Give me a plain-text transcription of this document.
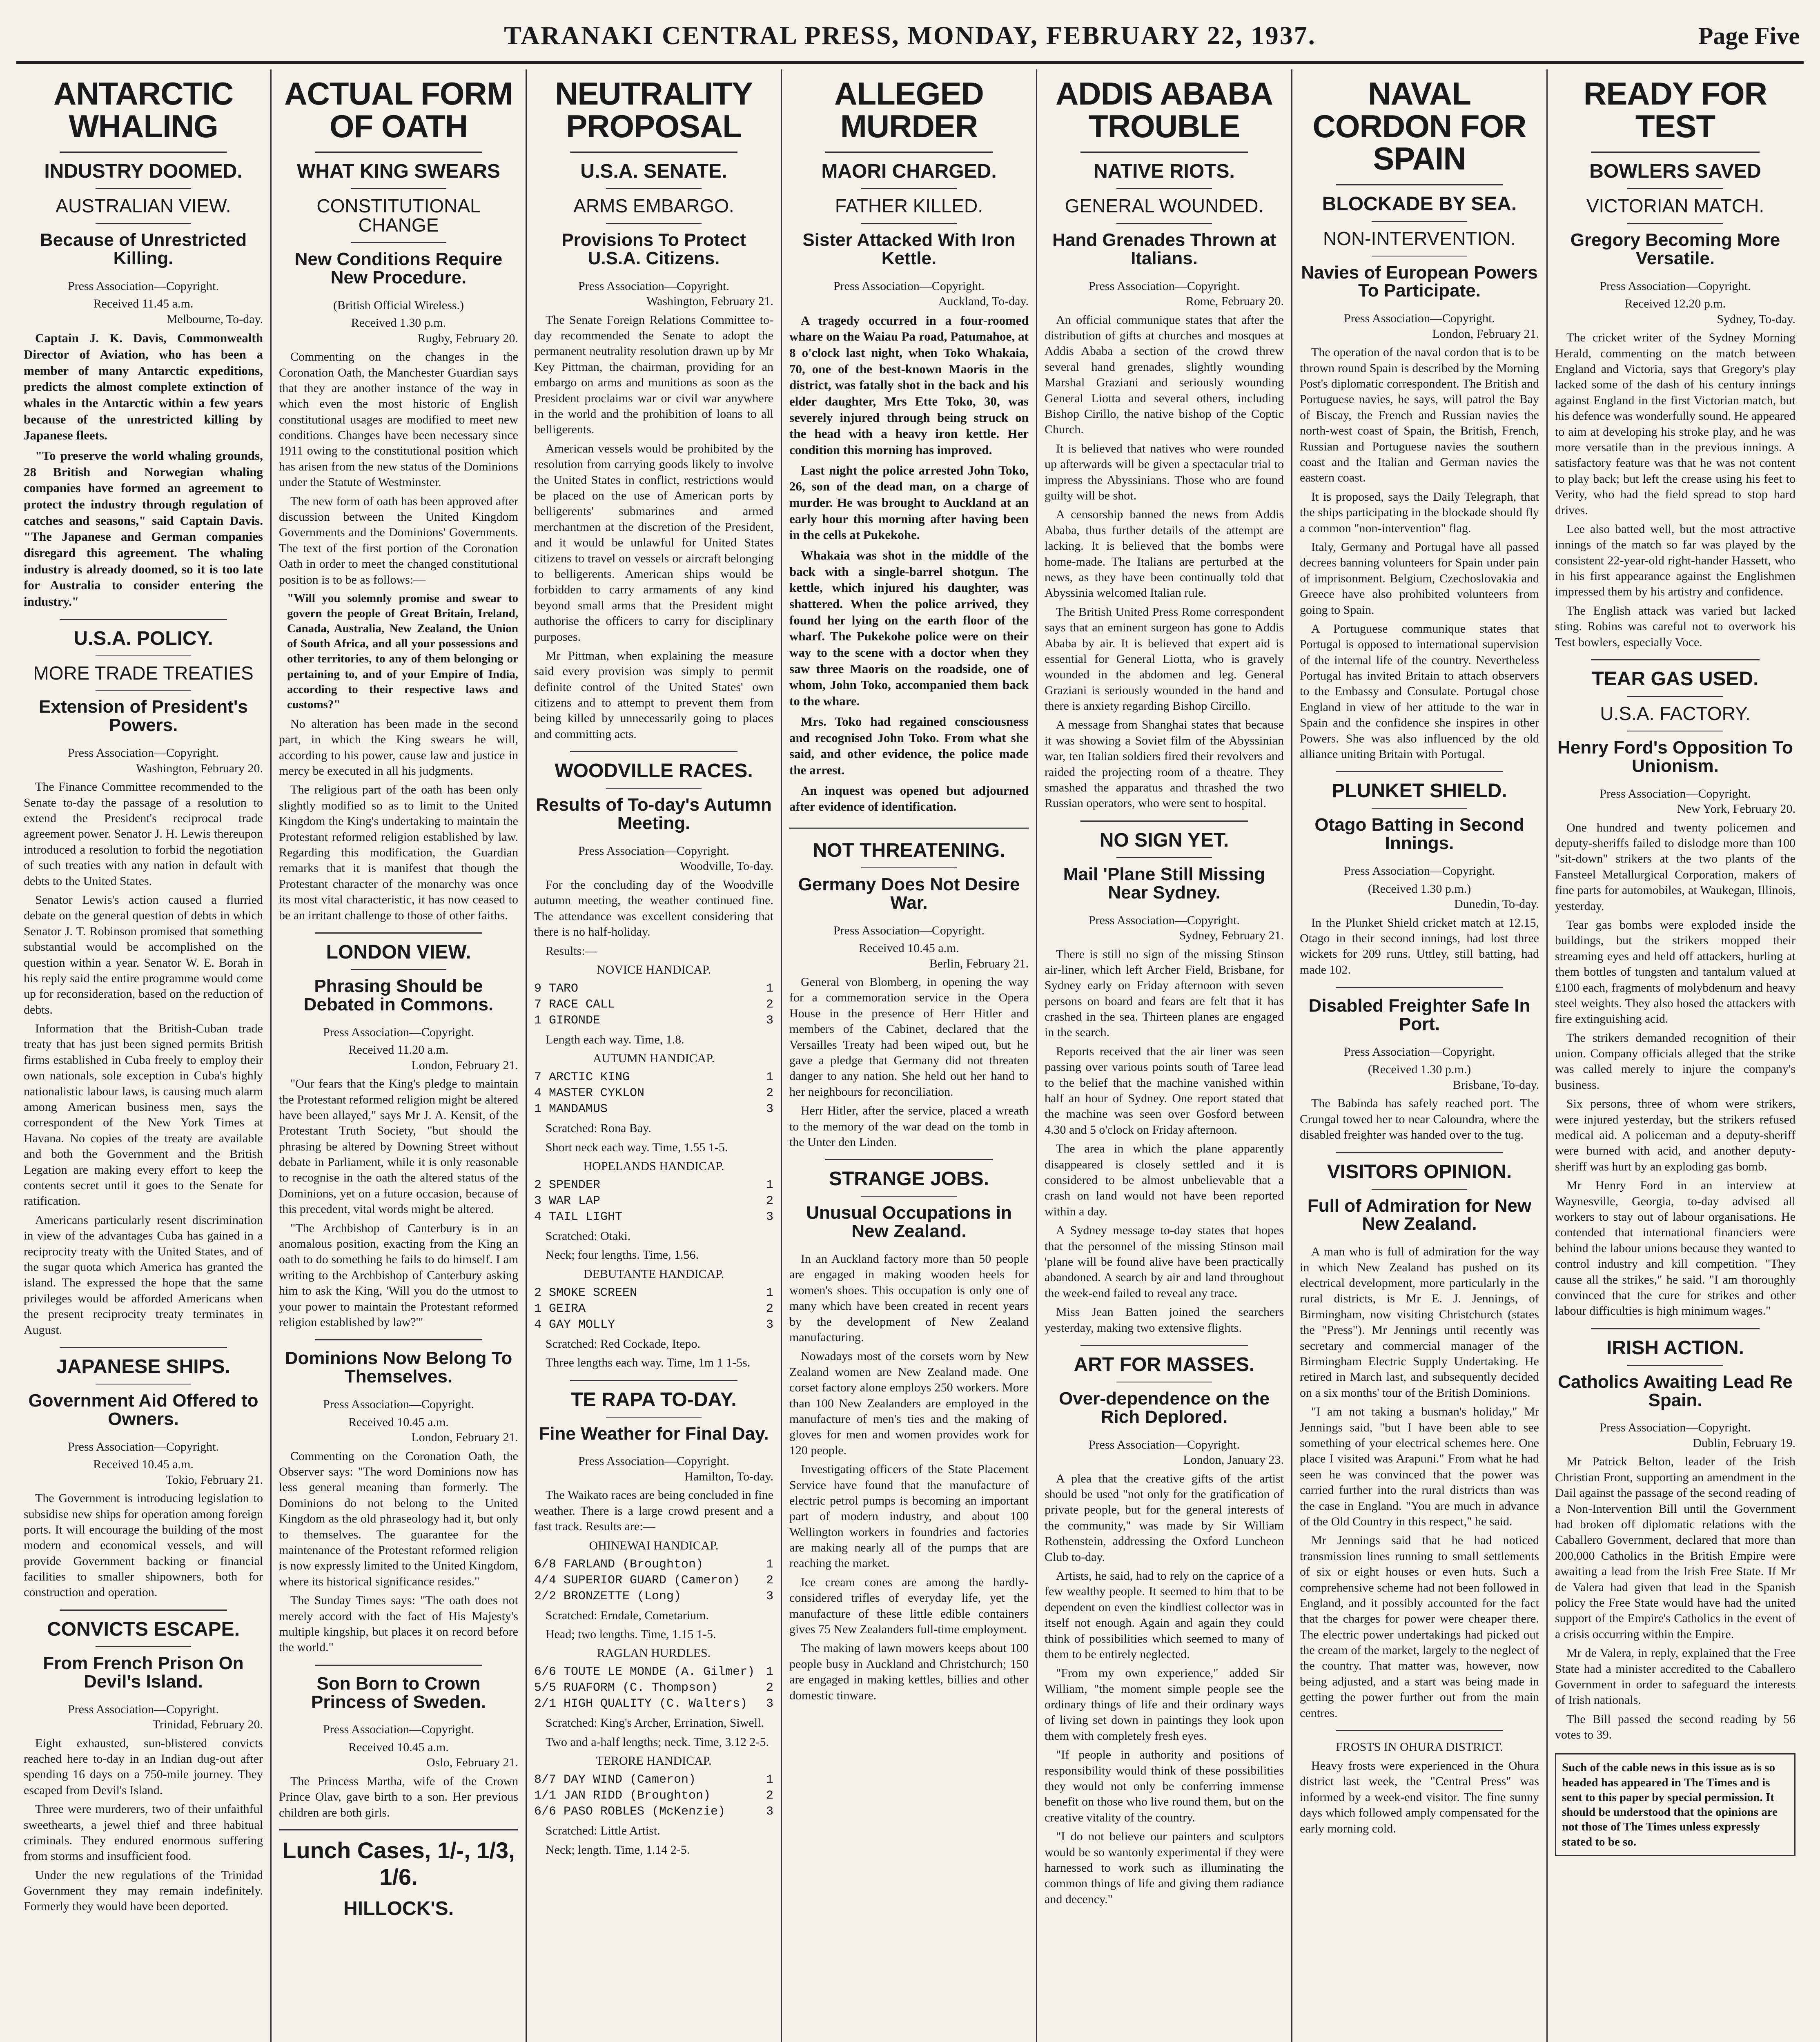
TARANAKI CENTRAL PRESS, MONDAY, FEBRUARY 22, 1937.	Page Five
ANTARCTIC WHALING
INDUSTRY DOOMED.
AUSTRALIAN VIEW.
Because of Unrestricted Killing.
Press Association—Copyright.
Received 11.45 a.m.
Melbourne, To-day.

Captain J. K. Davis, Commonwealth Director of Aviation, who has been a member of many Antarctic expeditions, predicts the almost complete extinction of whales in the Antarctic within a few years because of the unrestricted killing by Japanese fleets.

"To preserve the world whaling grounds, 28 British and Norwegian whaling companies have formed an agreement to protect the industry through regulation of catches and seasons," said Captain Davis. "The Japanese and German companies disregard this agreement. The whaling industry is already doomed, so it is too late for Australia to consider entering the industry."

U.S.A. POLICY.
MORE TRADE TREATIES
Extension of President's Powers.
Press Association—Copyright.
Washington, February 20.

The Finance Committee recommended to the Senate to-day the passage of a resolution to extend the President's reciprocal trade agreement power. Senator J. H. Lewis thereupon introduced a resolution to forbid the negotiation of such treaties with any nation in default with debts to the United States.

Senator Lewis's action caused a flurried debate on the general question of debts in which Senator J. T. Robinson promised that something substantial would be accomplished on the question within a year. Senator W. E. Borah in his reply said the entire programme would come up for reconsideration, based on the reduction of debts.

Information that the British-Cuban trade treaty that has just been signed permits British firms established in Cuba freely to employ their own nationals, sole exception in Cuba's highly nationalistic labour laws, is causing much alarm among American business men, says the correspondent of the New York Times at Havana. No copies of the treaty are available and both the Government and the British Legation are making every effort to keep the contents secret until it goes to the Senate for ratification.

Americans particularly resent discrimination in view of the advantages Cuba has gained in a reciprocity treaty with the United States, and of the sugar quota which America has granted the island. The expressed the hope that the same privileges would be afforded Americans when the present reciprocity treaty terminates in August.

JAPANESE SHIPS.
Government Aid Offered to Owners.
Press Association—Copyright.
Received 10.45 a.m.
Tokio, February 21.

The Government is introducing legislation to subsidise new ships for operation among foreign ports. It will encourage the building of the most modern and economical vessels, and will provide Government backing or financial facilities to smaller shipowners, both for construction and operation.

CONVICTS ESCAPE.
From French Prison On Devil's Island.
Press Association—Copyright.
Trinidad, February 20.

Eight exhausted, sun-blistered convicts reached here to-day in an Indian dug-out after spending 16 days on a 750-mile journey. They escaped from Devil's Island.

Three were murderers, two of their unfaithful sweethearts, a jewel thief and three habitual criminals. They endured enormous suffering from storms and insufficient food.

Under the new regulations of the Trinidad Government they may remain indefinitely. Formerly they would have been deported.

ACTUAL FORM OF OATH
WHAT KING SWEARS
CONSTITUTIONAL CHANGE
New Conditions Require New Procedure.
(British Official Wireless.)
Received 1.30 p.m.
Rugby, February 20.

Commenting on the changes in the Coronation Oath, the Manchester Guardian says that they are another instance of the way in which even the most historic of English constitutional usages are modified to meet new conditions. Changes have been necessary since 1911 owing to the constitutional position which has arisen from the new status of the Dominions under the Statute of Westminster.

The new form of oath has been approved after discussion between the United Kingdom Governments and the Dominions' Governments. The text of the first portion of the Coronation Oath in order to meet the changed constitutional position is to be as follows:—

"Will you solemnly promise and swear to govern the people of Great Britain, Ireland, Canada, Australia, New Zealand, the Union of South Africa, and all your possessions and other territories, to any of them belonging or pertaining to, and of your Empire of India, according to their respective laws and customs?"

No alteration has been made in the second part, in which the King swears he will, according to his power, cause law and justice in mercy be executed in all his judgments.

The religious part of the oath has been only slightly modified so as to limit to the United Kingdom the King's undertaking to maintain the Protestant reformed religion established by law. Regarding this modification, the Guardian remarks that it is manifest that though the Protestant character of the monarchy was once its most vital characteristic, it has now ceased to be an irritant challenge to those of other faiths.

LONDON VIEW.
Phrasing Should be Debated in Commons.
Press Association—Copyright.
Received 11.20 a.m.
London, February 21.

"Our fears that the King's pledge to maintain the Protestant reformed religion might be altered have been allayed," says Mr J. A. Kensit, of the Protestant Truth Society, "but should the phrasing be altered by Downing Street without debate in Parliament, while it is only reasonable to recognise in the oath the altered status of the Dominions, yet on a future occasion, because of this precedent, vital words might be altered.

"The Archbishop of Canterbury is in an anomalous position, exacting from the King an oath to do something he fails to do himself. I am writing to the Archbishop of Canterbury asking him to ask the King, 'Will you do the utmost to your power to maintain the Protestant reformed religion established by law?'"

Dominions Now Belong To Themselves.
Press Association—Copyright.
Received 10.45 a.m.
London, February 21.

Commenting on the Coronation Oath, the Observer says: "The word Dominions now has less general meaning than formerly. The Dominions do not belong to the United Kingdom as the old phraseology had it, but only to themselves. The guarantee for the maintenance of the Protestant reformed religion is now expressly limited to the United Kingdom, where its historical significance resides."

The Sunday Times says: "The oath does not merely accord with the fact of His Majesty's multiple kingship, but places it on record before the world."

Son Born to Crown Princess of Sweden.
Press Association—Copyright.
Received 10.45 a.m.
Oslo, February 21.

The Princess Martha, wife of the Crown Prince Olav, gave birth to a son. Her previous children are both girls.

Lunch Cases, 1/-, 1/3, 1/6.
HILLOCK'S.
NEUTRALITY PROPOSAL
U.S.A. SENATE.
ARMS EMBARGO.
Provisions To Protect U.S.A. Citizens.
Press Association—Copyright.
Washington, February 21.

The Senate Foreign Relations Committee to-day recommended the Senate to adopt the permanent neutrality resolution drawn up by Mr Key Pittman, the chairman, providing for an embargo on arms and munitions as soon as the President proclaims war or civil war anywhere in the world and the prohibition of loans to all belligerents.

American vessels would be prohibited by the resolution from carrying goods likely to involve the United States in conflict, restrictions would be placed on the use of American ports by belligerents' submarines and armed merchantmen at the discretion of the President, and it would be unlawful for United States citizens to travel on vessels or aircraft belonging to belligerents. American ships would be forbidden to carry armaments of any kind beyond small arms that the President might authorise the officers to carry for disciplinary purposes.

Mr Pittman, when explaining the measure said every provision was simply to permit definite control of the United States' own citizens and to attempt to prevent them from being killed by unnecessarily going to places and committing acts.

WOODVILLE RACES.
Results of To-day's Autumn Meeting.
Press Association—Copyright.
Woodville, To-day.

For the concluding day of the Woodville autumn meeting, the weather continued fine. The attendance was excellent considering that there is no half-holiday.

Results:—

NOVICE HANDICAP.
9 TARO	1
7 RACE CALL	2
1 GIRONDE	3

Length each way. Time, 1.8.

AUTUMN HANDICAP.
7 ARCTIC KING	1
4 MASTER CYKLON	2
1 MANDAMUS	3

Scratched: Rona Bay.

Short neck each way. Time, 1.55 1-5.

HOPELANDS HANDICAP.
2 SPENDER	1
3 WAR LAP	2
4 TAIL LIGHT	3

Scratched: Otaki.

Neck; four lengths. Time, 1.56.

DEBUTANTE HANDICAP.
2 SMOKE SCREEN	1
1 GEIRA	2
4 GAY MOLLY	3

Scratched: Red Cockade, Itepo.

Three lengths each way. Time, 1m 1 1-5s.

TE RAPA TO-DAY.
Fine Weather for Final Day.
Press Association—Copyright.
Hamilton, To-day.

The Waikato races are being concluded in fine weather. There is a large crowd present and a fast track. Results are:—

OHINEWAI HANDICAP.
6/8 FARLAND (Broughton)	1
4/4 SUPERIOR GUARD (Cameron) 2
2/2 BRONZETTE (Long)	3

Scratched: Erndale, Cometarium.

Head; two lengths. Time, 1.15 1-5.

RAGLAN HURDLES.
6/6 TOUTE LE MONDE (A. Gilmer) 1
5/5 RUAFORM (C. Thompson)	2
2/1 HIGH QUALITY (C. Walters) 3

Scratched: King's Archer, Errination, Siwell.

Two and a-half lengths; neck. Time, 3.12 2-5.

TERORE HANDICAP.
8/7 DAY WIND (Cameron)	1
1/1 JAN RIDD (Broughton)	2
6/6 PASO ROBLES (McKenzie)	3

Scratched: Little Artist.

Neck; length. Time, 1.14 2-5.

ALLEGED MURDER
MAORI CHARGED.
FATHER KILLED.
Sister Attacked With Iron Kettle.
Press Association—Copyright.
Auckland, To-day.

A tragedy occurred in a four-roomed whare on the Waiau Pa road, Patumahoe, at 8 o'clock last night, when Toko Whakaia, 70, one of the best-known Maoris in the district, was fatally shot in the back and his elder daughter, Mrs Ette Toko, 30, was severely injured through being struck on the head with a heavy iron kettle. Her condition this morning has improved.

Last night the police arrested John Toko, 26, son of the dead man, on a charge of murder. He was brought to Auckland at an early hour this morning after having been in the cells at Pukekohe.

Whakaia was shot in the middle of the back with a single-barrel shotgun. The kettle, which injured his daughter, was shattered. When the police arrived, they found her lying on the earth floor of the wharf. The Pukekohe police were on their way to the scene with a doctor when they saw three Maoris on the roadside, one of whom, John Toko, accompanied them back to the whare.

Mrs. Toko had regained consciousness and recognised John Toko. From what she said, and other evidence, the police made the arrest.

An inquest was opened but adjourned after evidence of identification.

NOT THREATENING.
Germany Does Not Desire War.
Press Association—Copyright.
Received 10.45 a.m.
Berlin, February 21.

General von Blomberg, in opening the way for a commemoration service in the Opera House in the presence of Herr Hitler and members of the Cabinet, declared that the Versailles Treaty had been wiped out, but he gave a pledge that Germany did not threaten danger to any nation. She held out her hand to her neighbours for reconciliation.

Herr Hitler, after the service, placed a wreath to the memory of the war dead on the tomb in the Unter den Linden.

STRANGE JOBS.
Unusual Occupations in New Zealand.

In an Auckland factory more than 50 people are engaged in making wooden heels for women's shoes. This occupation is only one of many which have been created in recent years by the development of New Zealand manufacturing.

Nowadays most of the corsets worn by New Zealand women are New Zealand made. One corset factory alone employs 250 workers. More than 100 New Zealanders are employed in the manufacture of men's ties and the making of gloves for men and women provides work for 120 people.

Investigating officers of the State Placement Service have found that the manufacture of electric petrol pumps is becoming an important part of modern industry, and about 100 Wellington workers in foundries and factories are making nearly all of the pumps that are reaching the market.

Ice cream cones are among the hardly-considered trifles of everyday life, yet the manufacture of these little edible containers gives 75 New Zealanders full-time employment.

The making of lawn mowers keeps about 100 people busy in Auckland and Christchurch; 150 are engaged in making kettles, billies and other domestic tinware.

ADDIS ABABA TROUBLE
NATIVE RIOTS.
GENERAL WOUNDED.
Hand Grenades Thrown at Italians.
Press Association—Copyright.
Rome, February 20.

An official communique states that after the distribution of gifts at churches and mosques at Addis Ababa a section of the crowd threw several hand grenades, slightly wounding Marshal Graziani and seriously wounding General Liotta and several others, including Bishop Cirillo, the native bishop of the Coptic Church.

It is believed that natives who were rounded up afterwards will be given a spectacular trial to impress the Abyssinians. Those who are found guilty will be shot.

A censorship banned the news from Addis Ababa, thus further details of the attempt are lacking. It is believed that the bombs were home-made. The Italians are perturbed at the news, as they have been continually told that Abyssinia welcomed Italian rule.

The British United Press Rome correspondent says that an eminent surgeon has gone to Addis Ababa by air. It is believed that expert aid is essential for General Liotta, who is gravely wounded in the abdomen and leg. General Graziani is seriously wounded in the hand and there is anxiety regarding Bishop Circillo.

A message from Shanghai states that because it was showing a Soviet film of the Abyssinian war, ten Italian soldiers fired their revolvers and raided the projecting room of a theatre. They smashed the apparatus and thrashed the two Russian operators, who were sent to hospital.

NO SIGN YET.
Mail 'Plane Still Missing Near Sydney.
Press Association—Copyright.
Sydney, February 21.

There is still no sign of the missing Stinson air-liner, which left Archer Field, Brisbane, for Sydney early on Friday afternoon with seven persons on board and fears are felt that it has crashed in the sea. Thirteen planes are engaged in the search.

Reports received that the air liner was seen passing over various points south of Taree lead to the belief that the machine vanished within half an hour of Sydney. One report stated that the machine was seen over Gosford between 4.30 and 5 o'clock on Friday afternoon.

The area in which the plane apparently disappeared is closely settled and it is considered to be almost unbelievable that a crash on land would not have been reported within a day.

A Sydney message to-day states that hopes that the personnel of the missing Stinson mail 'plane will be found alive have been practically abandoned. A search by air and land throughout the week-end failed to reveal any trace.

Miss Jean Batten joined the searchers yesterday, making two extensive flights.

ART FOR MASSES.
Over-dependence on the Rich Deplored.
Press Association—Copyright.
London, January 23.

A plea that the creative gifts of the artist should be used "not only for the gratification of private people, but for the general interests of the community," was made by Sir William Rothenstein, addressing the Oxford Luncheon Club to-day.

Artists, he said, had to rely on the caprice of a few wealthy people. It seemed to him that to be dependent on even the kindliest collector was in itself not enough. Again and again they could think of possibilities which seemed to many of them to be entirely neglected.

"From my own experience," added Sir William, "the moment simple people see the ordinary things of life and their ordinary ways of living set down in paintings they look upon them with completely fresh eyes.

"If people in authority and positions of responsibility would think of these possibilities they would not only be conferring immense benefit on those who live round them, but on the creative vitality of the country.

"I do not believe our painters and sculptors would be so wantonly experimental if they were harnessed to work such as illuminating the common things of life and giving them radiance and decency."

NAVAL CORDON FOR SPAIN
BLOCKADE BY SEA.
NON-INTERVENTION.
Navies of European Powers To Participate.
Press Association—Copyright.
London, February 21.

The operation of the naval cordon that is to be thrown round Spain is described by the Morning Post's diplomatic correspondent. The British and Portuguese navies, he says, will patrol the Bay of Biscay, the French and Russian navies the north-west coast of Spain, the British, French, Russian and Portuguese navies the southern coast and the Italian and German navies the eastern coast.

It is proposed, says the Daily Telegraph, that the ships participating in the blockade should fly a common "non-intervention" flag.

Italy, Germany and Portugal have all passed decrees banning volunteers for Spain under pain of imprisonment. Belgium, Czechoslovakia and Greece have also prohibited volunteers from going to Spain.

A Portuguese communique states that Portugal is opposed to international supervision of the internal life of the country. Nevertheless Portugal has invited Britain to attach observers to the Embassy and Consulate. Portugal chose England in view of her attitude to the war in Spain and the confidence she inspires in other Powers. She was also influenced by the old alliance uniting Britain with Portugal.

PLUNKET SHIELD.
Otago Batting in Second Innings.
Press Association—Copyright.
(Received 1.30 p.m.)
Dunedin, To-day.

In the Plunket Shield cricket match at 12.15, Otago in their second innings, had lost three wickets for 209 runs. Uttley, still batting, had made 102.

Disabled Freighter Safe In Port.
Press Association—Copyright.
(Received 1.30 p.m.)
Brisbane, To-day.

The Babinda has safely reached port. The Crungal towed her to near Caloundra, where the disabled freighter was handed over to the tug.

VISITORS OPINION.
Full of Admiration for New New Zealand.

A man who is full of admiration for the way in which New Zealand has pushed on its electrical development, more particularly in the rural districts, is Mr E. J. Jennings, of Birmingham, now visiting Christchurch (states the "Press"). Mr Jennings until recently was secretary and commercial manager of the Birmingham Electric Supply Undertaking. He retired in March last, and subsequently decided on a six months' tour of the British Dominions.

"I am not taking a busman's holiday," Mr Jennings said, "but I have been able to see something of your electrical schemes here. One place I visited was Arapuni." From what he had seen he was convinced that the power was carried further into the rural districts than was the case in England. "You are much in advance of the Old Country in this respect," he said.

Mr Jennings said that he had noticed transmission lines running to small settlements of six or eight houses or even huts. Such a comprehensive scheme had not been followed in England, and it possibly accounted for the fact that the charges for power were cheaper there. The electric power undertakings had picked out the cream of the market, largely to the neglect of the country. That matter was, however, now being adjusted, and a start was being made in getting the power further out from the main centres.

FROSTS IN OHURA DISTRICT.

Heavy frosts were experienced in the Ohura district last week, the "Central Press" was informed by a week-end visitor. The fine sunny days which followed amply compensated for the early morning cold.

READY FOR TEST
BOWLERS SAVED
VICTORIAN MATCH.
Gregory Becoming More Versatile.
Press Association—Copyright.
Received 12.20 p.m.
Sydney, To-day.

The cricket writer of the Sydney Morning Herald, commenting on the match between England and Victoria, says that Gregory's play lacked some of the dash of his century innings against England in the first Victorian match, but his defence was wonderfully sound. He appeared to aim at developing his stroke play, and he was more versatile than in the previous innings. A satisfactory feature was that he was not content to play back; but left the crease using his feet to Verity, who had the field spread to stop hard drives.

Lee also batted well, but the most attractive innings of the match so far was played by the consistent 22-year-old right-hander Hassett, who in his first appearance against the Englishmen impressed them by his artistry and confidence.

The English attack was varied but lacked sting. Robins was careful not to overwork his Test bowlers, especially Voce.

TEAR GAS USED.
U.S.A. FACTORY.
Henry Ford's Opposition To Unionism.
Press Association—Copyright.
New York, February 20.

One hundred and twenty policemen and deputy-sheriffs failed to dislodge more than 100 "sit-down" strikers at the two plants of the Fansteel Metallurgical Corporation, makers of fine parts for automobiles, at Waukegan, Illinois, yesterday.

Tear gas bombs were exploded inside the buildings, but the strikers mopped their streaming eyes and held off attackers, hurling at them bottles of tungsten and tantalum valued at £100 each, fragments of molybdenum and heavy steel weights. They also hosed the attackers with fire extinguishing acid.

The strikers demanded recognition of their union. Company officials alleged that the strike was called merely to injure the company's business.

Six persons, three of whom were strikers, were injured yesterday, but the strikers refused medical aid. A policeman and a deputy-sheriff were burned with acid, and another deputy-sheriff was hurt by an exploding gas bomb.

Mr Henry Ford in an interview at Waynesville, Georgia, to-day advised all workers to stay out of labour organisations. He contended that international financiers were behind the labour unions because they wanted to control industry and kill competition. "They cause all the strikes," he said. "I am thoroughly convinced that the cure for strikes and other labour difficulties is high minimum wages."

IRISH ACTION.
Catholics Awaiting Lead Re Spain.
Press Association—Copyright.
Dublin, February 19.

Mr Patrick Belton, leader of the Irish Christian Front, supporting an amendment in the Dail against the passage of the second reading of a Non-Intervention Bill until the Government had broken off diplomatic relations with the Caballero Government, declared that more than 200,000 Catholics in the British Empire were awaiting a lead from the Irish Free State. If Mr de Valera had given that lead in the Spanish policy the Free State would have had the united support of the Empire's Catholics in the event of a crisis occurring within the Empire.

Mr de Valera, in reply, explained that the Free State had a minister accredited to the Caballero Government in order to safeguard the interests of Irish nationals.

The Bill passed the second reading by 56 votes to 39.

Such of the cable news in this issue as is so headed has appeared in The Times and is sent to this paper by special permission. It should be understood that the opinions are not those of The Times unless expressly stated to be so.
